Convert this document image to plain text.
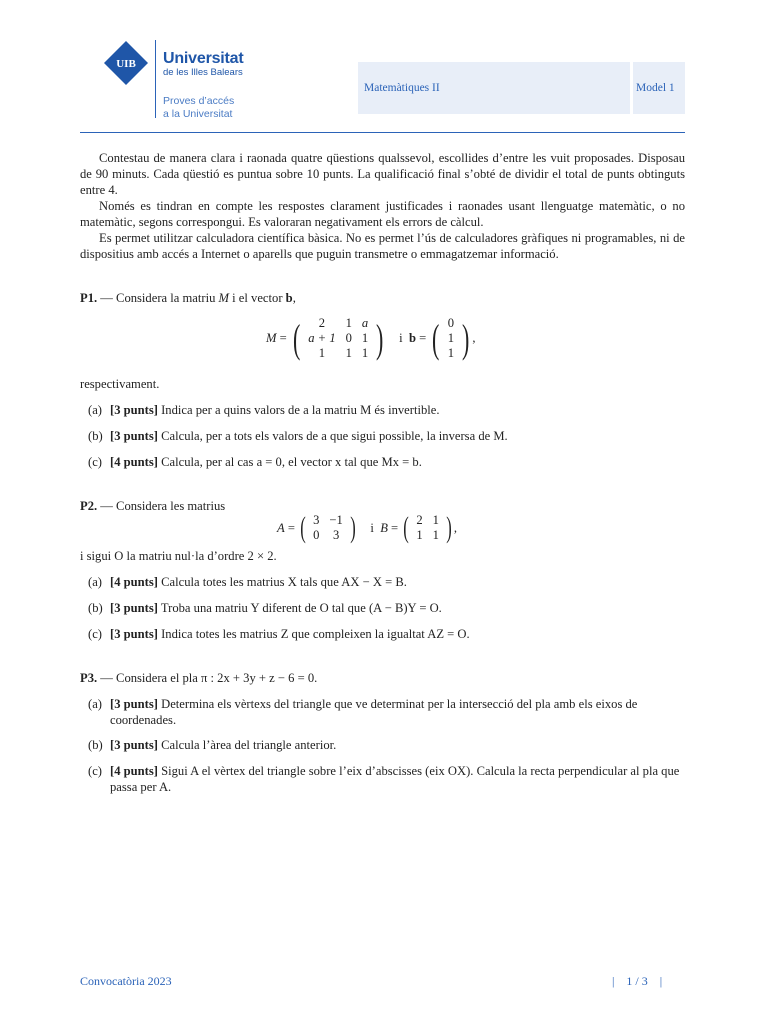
UIB Universitat
de les Illes Balears
Proves d’accés
a la Universitat
Matemàtiques II	Model 1

Contestau de manera clara i raonada quatre qüestions qualssevol, escollides d’entre les vuit proposades. Disposau de 90 minuts. Cada qüestió es puntua sobre 10 punts. La qualificació final s’obté de dividir el total de punts obtinguts entre 4.

Només es tindran en compte les respostes clarament justificades i raonades usant llenguatge matemàtic, o no matemàtic, segons correspongui. Es valoraran negativament els errors de càlcul.

Es permet utilitzar calculadora científica bàsica. No es permet l’ús de calculadores gràfiques ni programables, ni de dispositius amb accés a Internet o aparells que puguin transmetre o emmagatzemar informació.

P1. — Considera la matriu M i el vector b,
M = ( 2	1	a
a + 1	0	1
1	1	1 ) i b = ( 0
1
1 ) ,
respectivament.
(a) [3 punts] Indica per a quins valors de a la matriu M és invertible.
(b) [3 punts] Calcula, per a tots els valors de a que sigui possible, la inversa de M.
(c) [4 punts] Calcula, per al cas a = 0, el vector x tal que Mx = b.
P2. — Considera les matrius
A = ( 3	−1
0	3 ) i B = ( 2	1
1	1 ) ,
i sigui O la matriu nul·la d’ordre 2 × 2.
(a) [4 punts] Calcula totes les matrius X tals que AX − X = B.
(b) [3 punts] Troba una matriu Y diferent de O tal que (A − B)Y = O.
(c) [3 punts] Indica totes les matrius Z que compleixen la igualtat AZ = O.
P3. — Considera el pla π : 2x + 3y + z − 6 = 0.
(a) [3 punts] Determina els vèrtexs del triangle que ve determinat per la intersecció del pla amb els eixos de coordenades.
(b) [3 punts] Calcula l’àrea del triangle anterior.
(c) [4 punts] Sigui A el vèrtex del triangle sobre l’eix d’abscisses (eix OX). Calcula la recta perpendicular al pla que passa per A.
Convocatòria 2023	|    1 / 3    |
